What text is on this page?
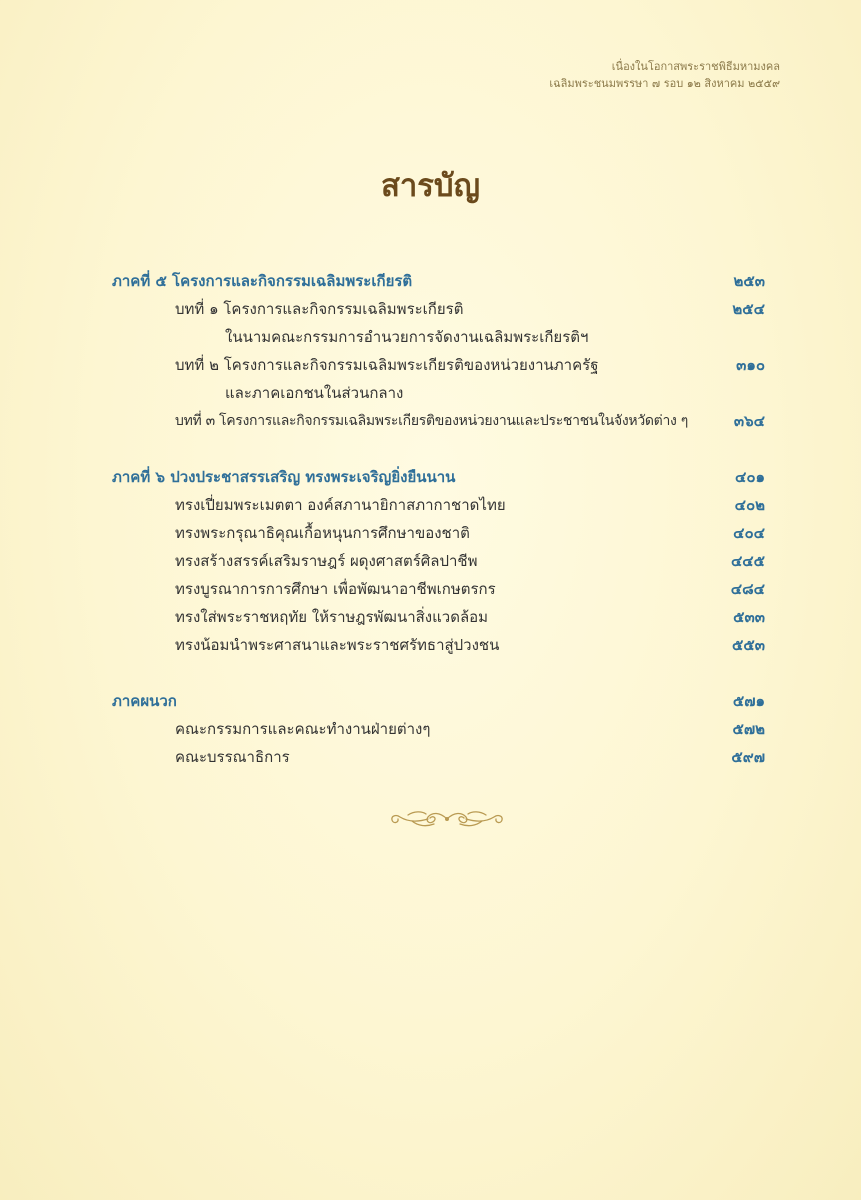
เนื่องในโอกาสพระราชพิธีมหามงคล
เฉลิมพระชนมพรรษา ๗ รอบ ๑๒ สิงหาคม ๒๕๕๙
สารบัญ
ภาคที่ ๕ โครงการและกิจกรรมเฉลิมพระเกียรติ	๒๕๓
บทที่ ๑ โครงการและกิจกรรมเฉลิมพระเกียรติ	๒๕๔
ในนามคณะกรรมการอำนวยการจัดงานเฉลิมพระเกียรติฯ
บทที่ ๒ โครงการและกิจกรรมเฉลิมพระเกียรติของหน่วยงานภาครัฐ	๓๑๐
และภาคเอกชนในส่วนกลาง
บทที่ ๓ โครงการและกิจกรรมเฉลิมพระเกียรติของหน่วยงานและประชาชนในจังหวัดต่าง ๆ	๓๖๔
ภาคที่ ๖ ปวงประชาสรรเสริญ ทรงพระเจริญยิ่งยืนนาน	๔๐๑
ทรงเปี่ยมพระเมตตา องค์สภานายิกาสภากาชาดไทย	๔๐๒
ทรงพระกรุณาธิคุณเกื้อหนุนการศึกษาของชาติ	๔๐๔
ทรงสร้างสรรค์เสริมราษฎร์ ผดุงศาสตร์ศิลปาชีพ	๔๔๕
ทรงบูรณาการการศึกษา เพื่อพัฒนาอาชีพเกษตรกร	๔๘๔
ทรงใส่พระราชหฤทัย ให้ราษฎรพัฒนาสิ่งแวดล้อม	๕๓๓
ทรงน้อมนำพระศาสนาและพระราชศรัทธาสู่ปวงชน	๕๕๓
ภาคผนวก	๕๗๑
คณะกรรมการและคณะทำงานฝ่ายต่างๆ	๕๗๒
คณะบรรณาธิการ	๕๙๗
